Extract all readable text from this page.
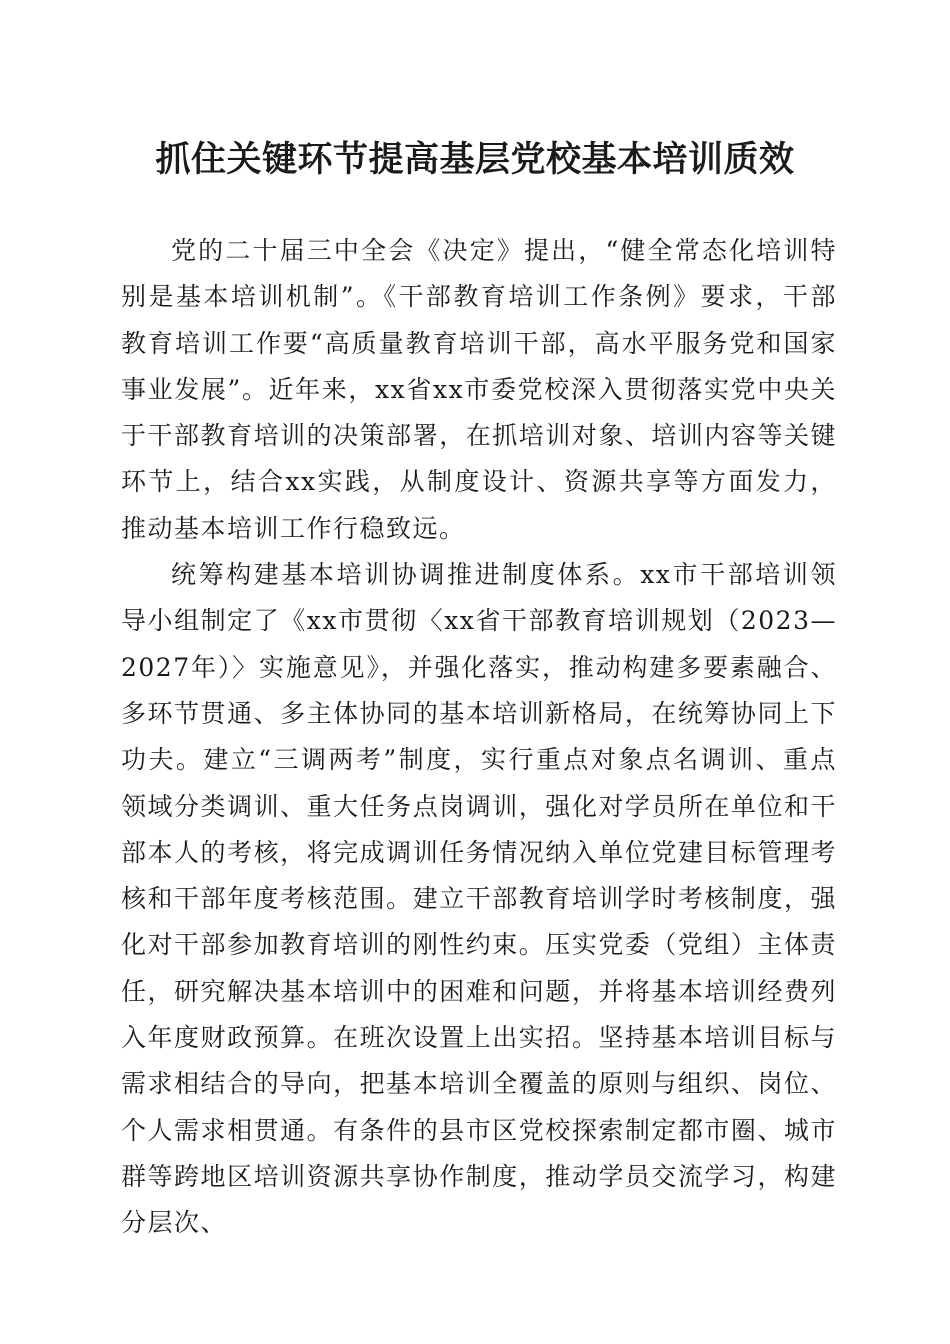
抓住关键环节提高基层党校基本培训质效

党的二十届三中全会《决定》提出，“健全常态化培训特别是基本培训机制”。《干部教育培训工作条例》要求，干部教育培训工作要“高质量教育培训干部，高水平服务党和国家事业发展”。近年来，xx省xx市委党校深入贯彻落实党中央关于干部教育培训的决策部署，在抓培训对象、培训内容等关键环节上，结合xx实践，从制度设计、资源共享等方面发力，推动基本培训工作行稳致远。

统筹构建基本培训协调推进制度体系。xx市干部培训领导小组制定了《xx市贯彻〈xx省干部教育培训规划（2023—2027年）〉实施意见》，并强化落实，推动构建多要素融合、多环节贯通、多主体协同的基本培训新格局，在统筹协同上下功夫。建立“三调两考”制度，实行重点对象点名调训、重点领域分类调训、重大任务点岗调训，强化对学员所在单位和干部本人的考核，将完成调训任务情况纳入单位党建目标管理考核和干部年度考核范围。建立干部教育培训学时考核制度，强化对干部参加教育培训的刚性约束。压实党委（党组）主体责任，研究解决基本培训中的困难和问题，并将基本培训经费列入年度财政预算。在班次设置上出实招。坚持基本培训目标与需求相结合的导向，把基本培训全覆盖的原则与组织、岗位、个人需求相贯通。有条件的县市区党校探索制定都市圈、城市群等跨地区培训资源共享协作制度，推动学员交流学习，构建分层次、
